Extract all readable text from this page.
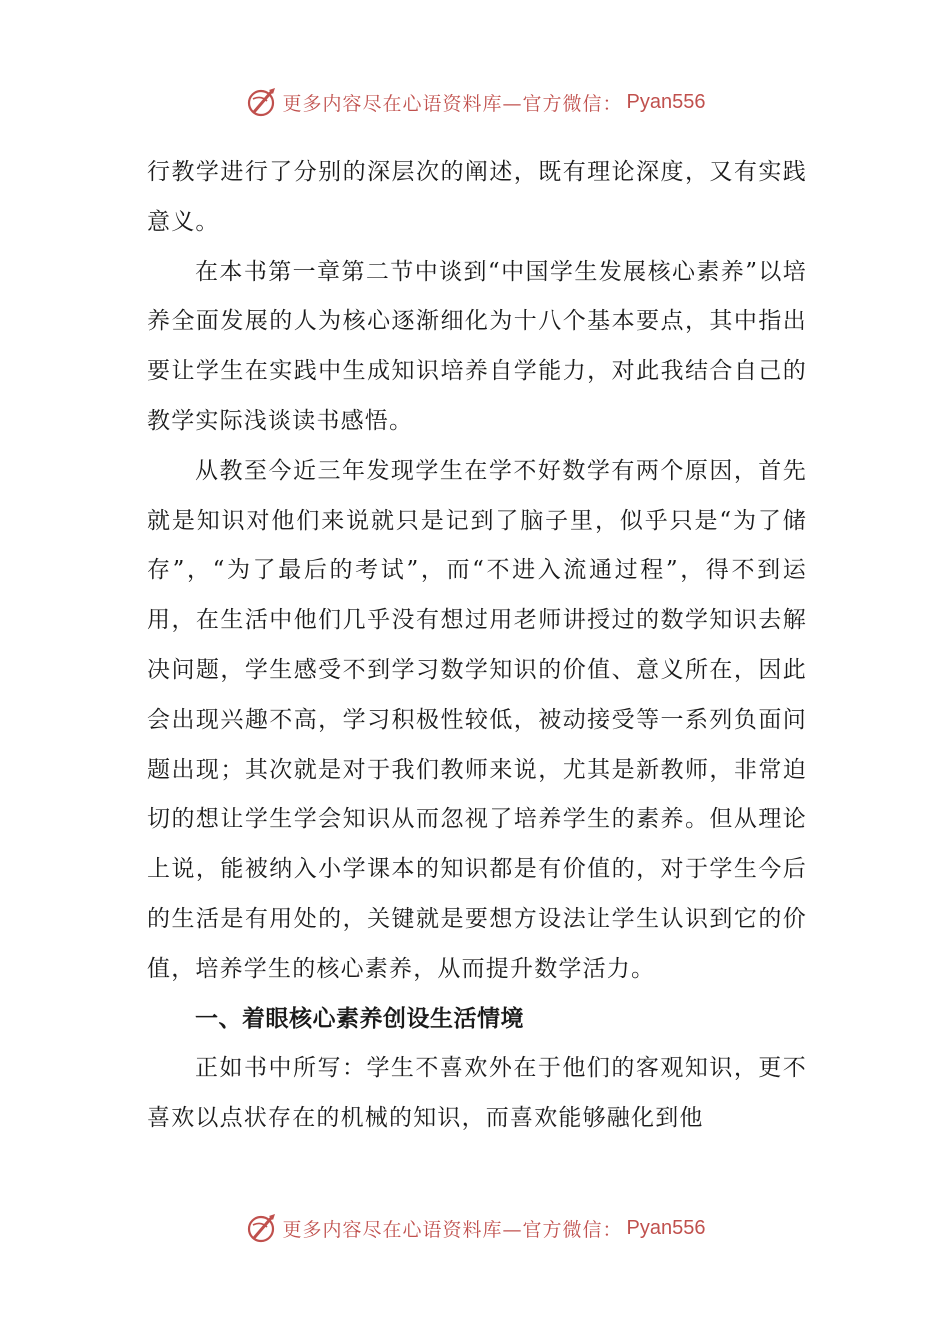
更多内容尽在心语资料库—官方微信： Pyan556

行教学进行了分别的深层次的阐述，既有理论深度，又有实践意义。

在本书第一章第二节中谈到“中国学生发展核心素养”以培养全面发展的人为核心逐渐细化为十八个基本要点，其中指出要让学生在实践中生成知识培养自学能力，对此我结合自己的教学实际浅谈读书感悟。

从教至今近三年发现学生在学不好数学有两个原因，首先就是知识对他们来说就只是记到了脑子里，似乎只是“为了储存”，“为了最后的考试”，而“不进入流通过程”，得不到运用，在生活中他们几乎没有想过用老师讲授过的数学知识去解决问题，学生感受不到学习数学知识的价值、意义所在，因此会出现兴趣不高，学习积极性较低，被动接受等一系列负面问题出现；其次就是对于我们教师来说，尤其是新教师，非常迫切的想让学生学会知识从而忽视了培养学生的素养。但从理论上说，能被纳入小学课本的知识都是有价值的，对于学生今后的生活是有用处的，关键就是要想方设法让学生认识到它的价值，培养学生的核心素养，从而提升数学活力。

一、着眼核心素养创设生活情境

正如书中所写：学生不喜欢外在于他们的客观知识，更不喜欢以点状存在的机械的知识，而喜欢能够融化到他

更多内容尽在心语资料库—官方微信： Pyan556
